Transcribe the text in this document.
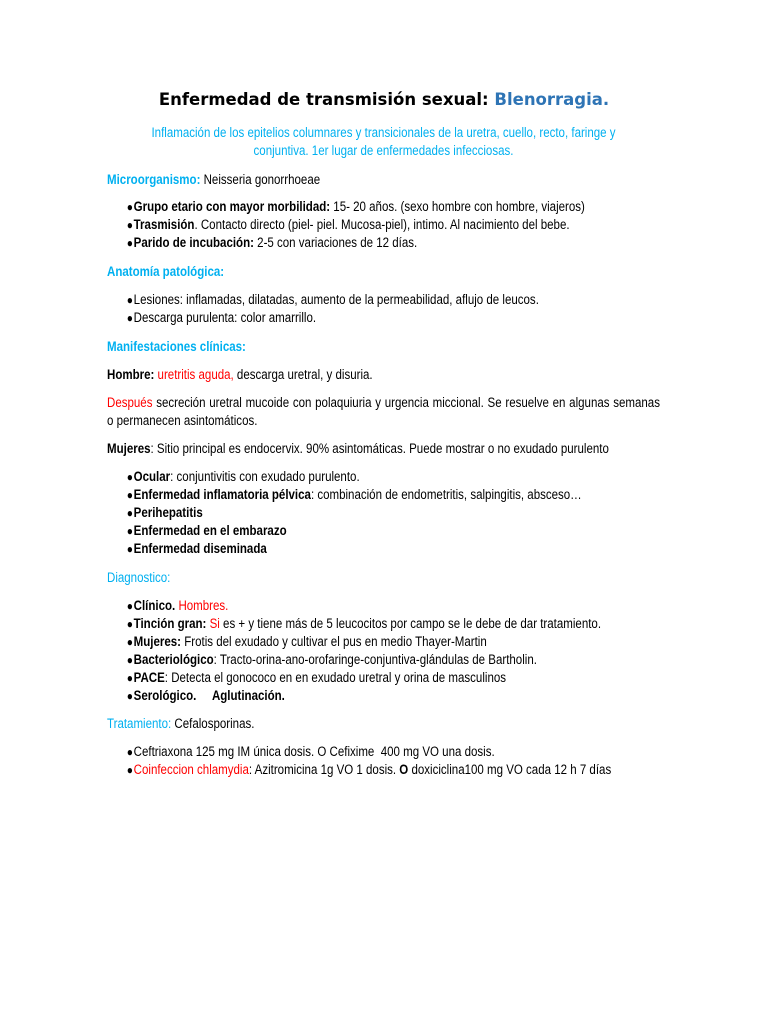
Enfermedad de transmisión sexual: Blenorragia.
Inflamación de los epitelios columnares y transicionales de la uretra, cuello, recto, faringe y
conjuntiva. 1er lugar de enfermedades infecciosas.
Microorganismo: Neisseria gonorrhoeae
● Grupo etario con mayor morbilidad: 15- 20 años. (sexo hombre con hombre, viajeros)
● Trasmisión. Contacto directo (piel- piel. Mucosa-piel), intimo. Al nacimiento del bebe.
● Parido de incubación: 2-5 con variaciones de 12 días.
Anatomía patológica:
● Lesiones: inflamadas, dilatadas, aumento de la permeabilidad, aflujo de leucos.
● Descarga purulenta: color amarrillo.
Manifestaciones clínicas:
Hombre: uretritis aguda, descarga uretral, y disuria.
Después secreción uretral mucoide con polaquiuria y urgencia miccional. Se resuelve en algunas semanas o permanecen asintomáticos.
Mujeres: Sitio principal es endocervix. 90% asintomáticas. Puede mostrar o no exudado purulento
● Ocular: conjuntivitis con exudado purulento.
● Enfermedad inflamatoria pélvica: combinación de endometritis, salpingitis, absceso…
● Perihepatitis
● Enfermedad en el embarazo
● Enfermedad diseminada
Diagnostico:
● Clínico. Hombres.
● Tinción gran: Si es + y tiene más de 5 leucocitos por campo se le debe de dar tratamiento.
● Mujeres: Frotis del exudado y cultivar el pus en medio Thayer-Martin
● Bacteriológico: Tracto-orina-ano-orofaringe-conjuntiva-glándulas de Bartholin.
● PACE: Detecta el gonococo en en exudado uretral y orina de masculinos
● Serológico.     Aglutinación.
Tratamiento: Cefalosporinas.
● Ceftriaxona 125 mg IM única dosis. O Cefixime  400 mg VO una dosis.
● Coinfeccion chlamydia: Azitromicina 1g VO 1 dosis. O doxiciclina100 mg VO cada 12 h 7 días
